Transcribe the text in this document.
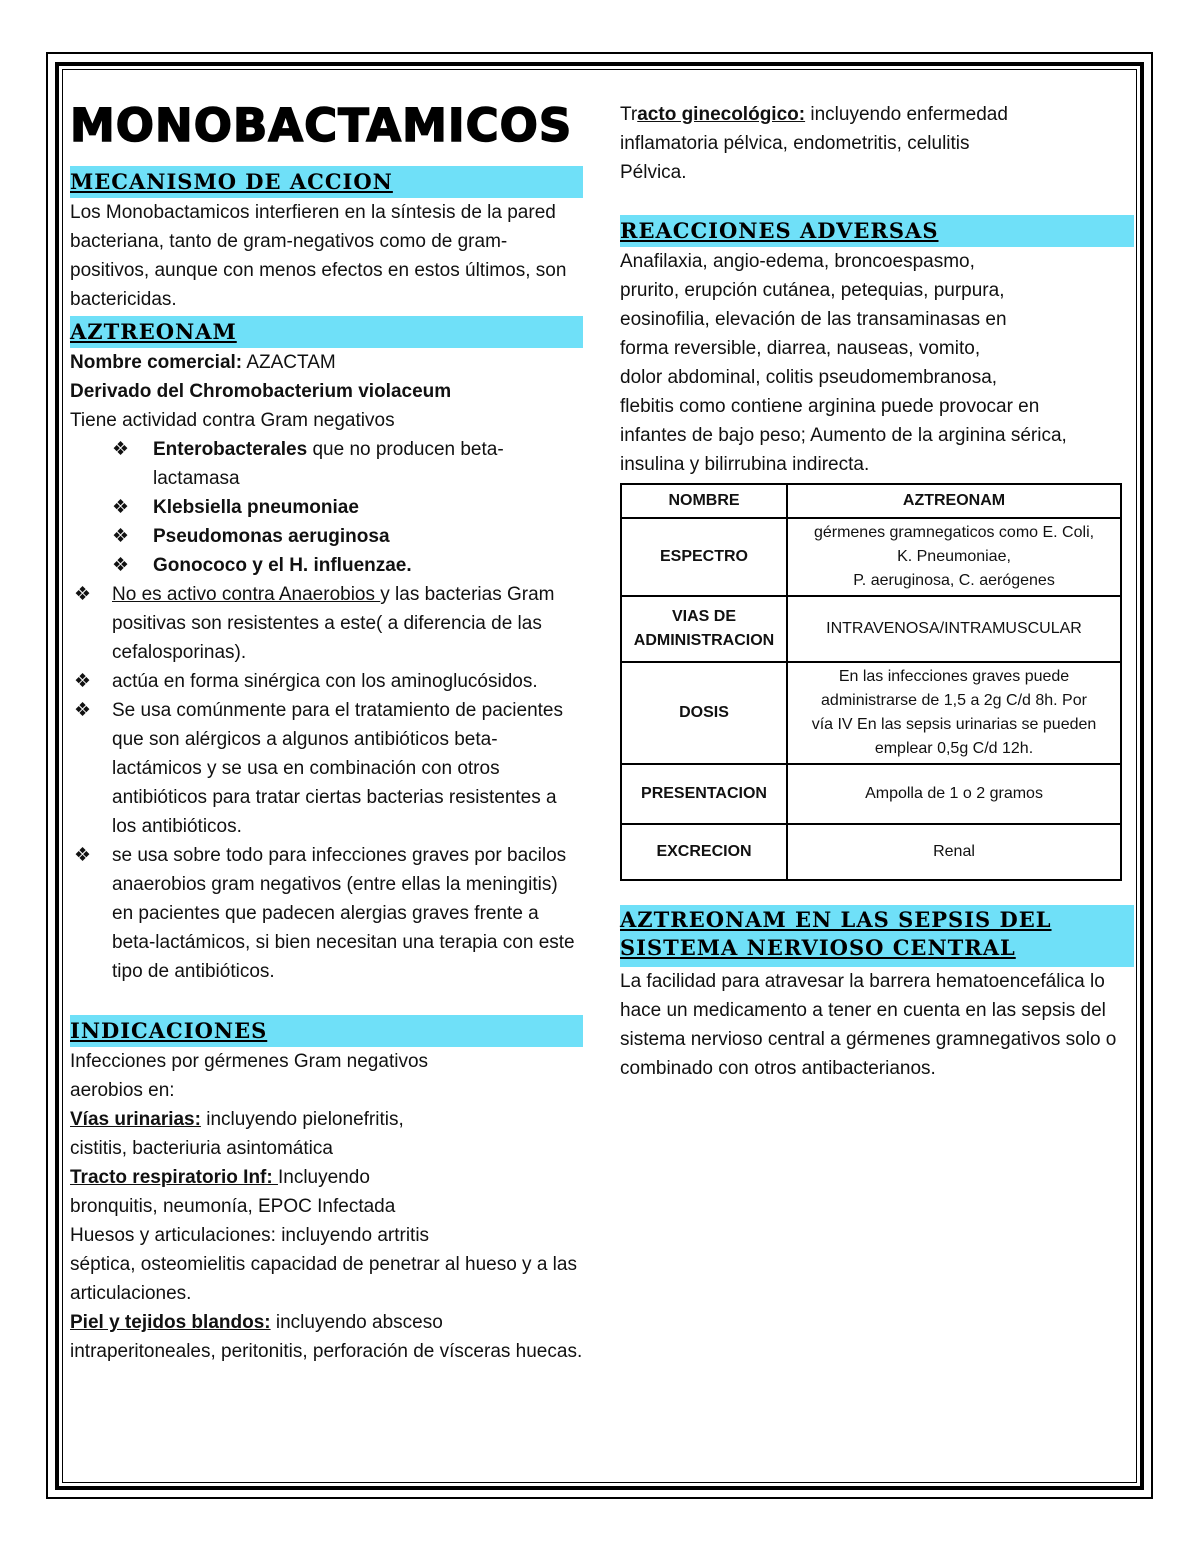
MONOBACTAMICOS
MECANISMO DE ACCION

Los Monobactamicos interfieren en la síntesis de la pared bacteriana, tanto de gram-negativos como de gram-positivos, aunque con menos efectos en estos últimos, son bactericidas.

AZTREONAM

Nombre comercial: AZACTAM

Derivado del Chromobacterium violaceum

Tiene actividad contra Gram negativos

❖	Enterobacterales que no producen beta-lactamasa
❖	Klebsiella pneumoniae
❖	Pseudomonas aeruginosa
❖	Gonococo y el H. influenzae.
❖	No es activo contra Anaerobios y las bacterias Gram positivas son resistentes a este( a diferencia de las cefalosporinas).
❖	actúa en forma sinérgica con los aminoglucósidos.
❖	Se usa comúnmente para el tratamiento de pacientes que son alérgicos a algunos antibióticos beta-lactámicos y se usa en combinación con otros antibióticos para tratar ciertas bacterias resistentes a los antibióticos.
❖	se usa sobre todo para infecciones graves por bacilos anaerobios gram negativos (entre ellas la meningitis) en pacientes que padecen alergias graves frente a beta-lactámicos, si bien necesitan una terapia con este tipo de antibióticos.
INDICACIONES

Infecciones por gérmenes Gram negativos

aerobios en:

Vías urinarias: incluyendo pielonefritis,

cistitis, bacteriuria asintomática

Tracto respiratorio Inf: Incluyendo

bronquitis, neumonía, EPOC Infectada

Huesos y articulaciones: incluyendo artritis

séptica, osteomielitis capacidad de penetrar al hueso y a las articulaciones.

Piel y tejidos blandos: incluyendo absceso

intraperitoneales, peritonitis, perforación de vísceras huecas.

Tracto ginecológico: incluyendo enfermedad

inflamatoria pélvica, endometritis, celulitis

Pélvica.

REACCIONES ADVERSAS

Anafilaxia, angio-edema, broncoespasmo,

prurito, erupción cutánea, petequias, purpura,

eosinofilia, elevación de las transaminasas en

forma reversible, diarrea, nauseas, vomito,

dolor abdominal, colitis pseudomembranosa,

flebitis como contiene arginina puede provocar en

infantes de bajo peso; Aumento de la arginina sérica,

insulina y bilirrubina indirecta.

NOMBRE	AZTREONAM
ESPECTRO	gérmenes gramnegaticos como E. Coli,
K. Pneumoniae,
P. aeruginosa, C. aerógenes

VIAS DE
ADMINISTRACION	INTRAVENOSA/INTRAMUSCULAR
DOSIS	En las infecciones graves puede
administrarse de 1,5 a 2g C/d 8h. Por
vía IV En las sepsis urinarias se pueden
emplear 0,5g C/d 12h.

PRESENTACION	Ampolla de 1 o 2 gramos
EXCRECION	Renal
AZTREONAM EN LAS SEPSIS DEL
SISTEMA NERVIOSO CENTRAL

La facilidad para atravesar la barrera hematoencefálica lo hace un medicamento a tener en cuenta en las sepsis del sistema nervioso central a gérmenes gramnegativos solo o combinado con otros antibacterianos.
